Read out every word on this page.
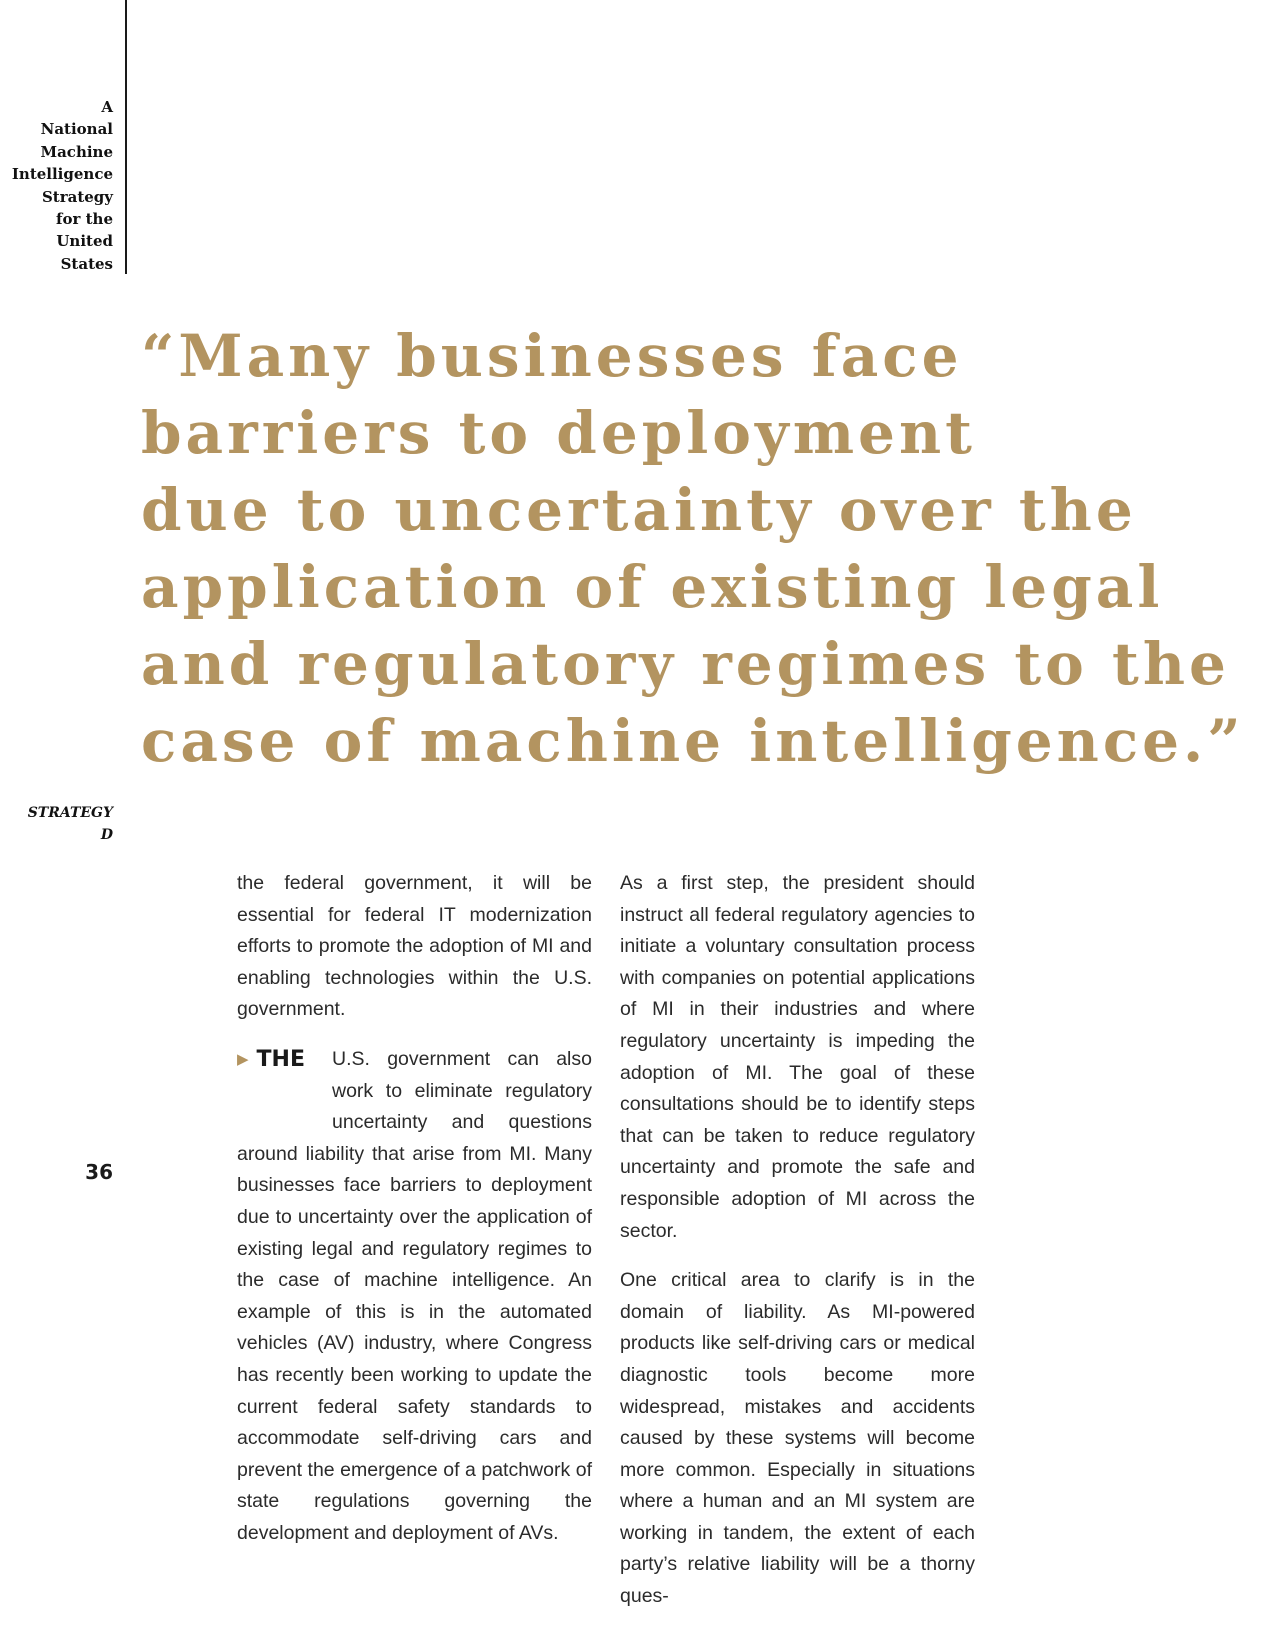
A
National
Machine
Intelligence
Strategy
for the
United
States
“Many businesses face
barriers to deployment
due to uncertainty over the
application of existing legal
and regulatory regimes to the
case of machine intelligence.”
STRATEGY
D
36

the federal government, it will be essential for federal IT modernization efforts to promote the adoption of MI and enabling technologies within the U.S. government.

▶ THE	U.S. government can also work to eliminate regulatory uncertainty and questions around liability that arise from MI. Many businesses face barriers to deployment due to uncertainty over the application of existing legal and regulatory regimes to the case of machine intelligence. An example of this is in the automated vehicles (AV) industry, where Congress has recently been working to update the current federal safety standards to accommodate self-driving cars and prevent the emergence of a patchwork of state regulations governing the development and deployment of AVs.

As a first step, the president should instruct all federal regulatory agencies to initiate a voluntary consultation process with companies on potential applications of MI in their industries and where regulatory uncertainty is impeding the adoption of MI. The goal of these consultations should be to identify steps that can be taken to reduce regulatory uncertainty and promote the safe and responsible adoption of MI across the sector.

One critical area to clarify is in the domain of liability. As MI-powered products like self-driving cars or medical diagnostic tools become more widespread, mistakes and accidents caused by these systems will become more common. Especially in situations where a human and an MI system are working in tandem, the extent of each party’s relative liability will be a thorny ques-
